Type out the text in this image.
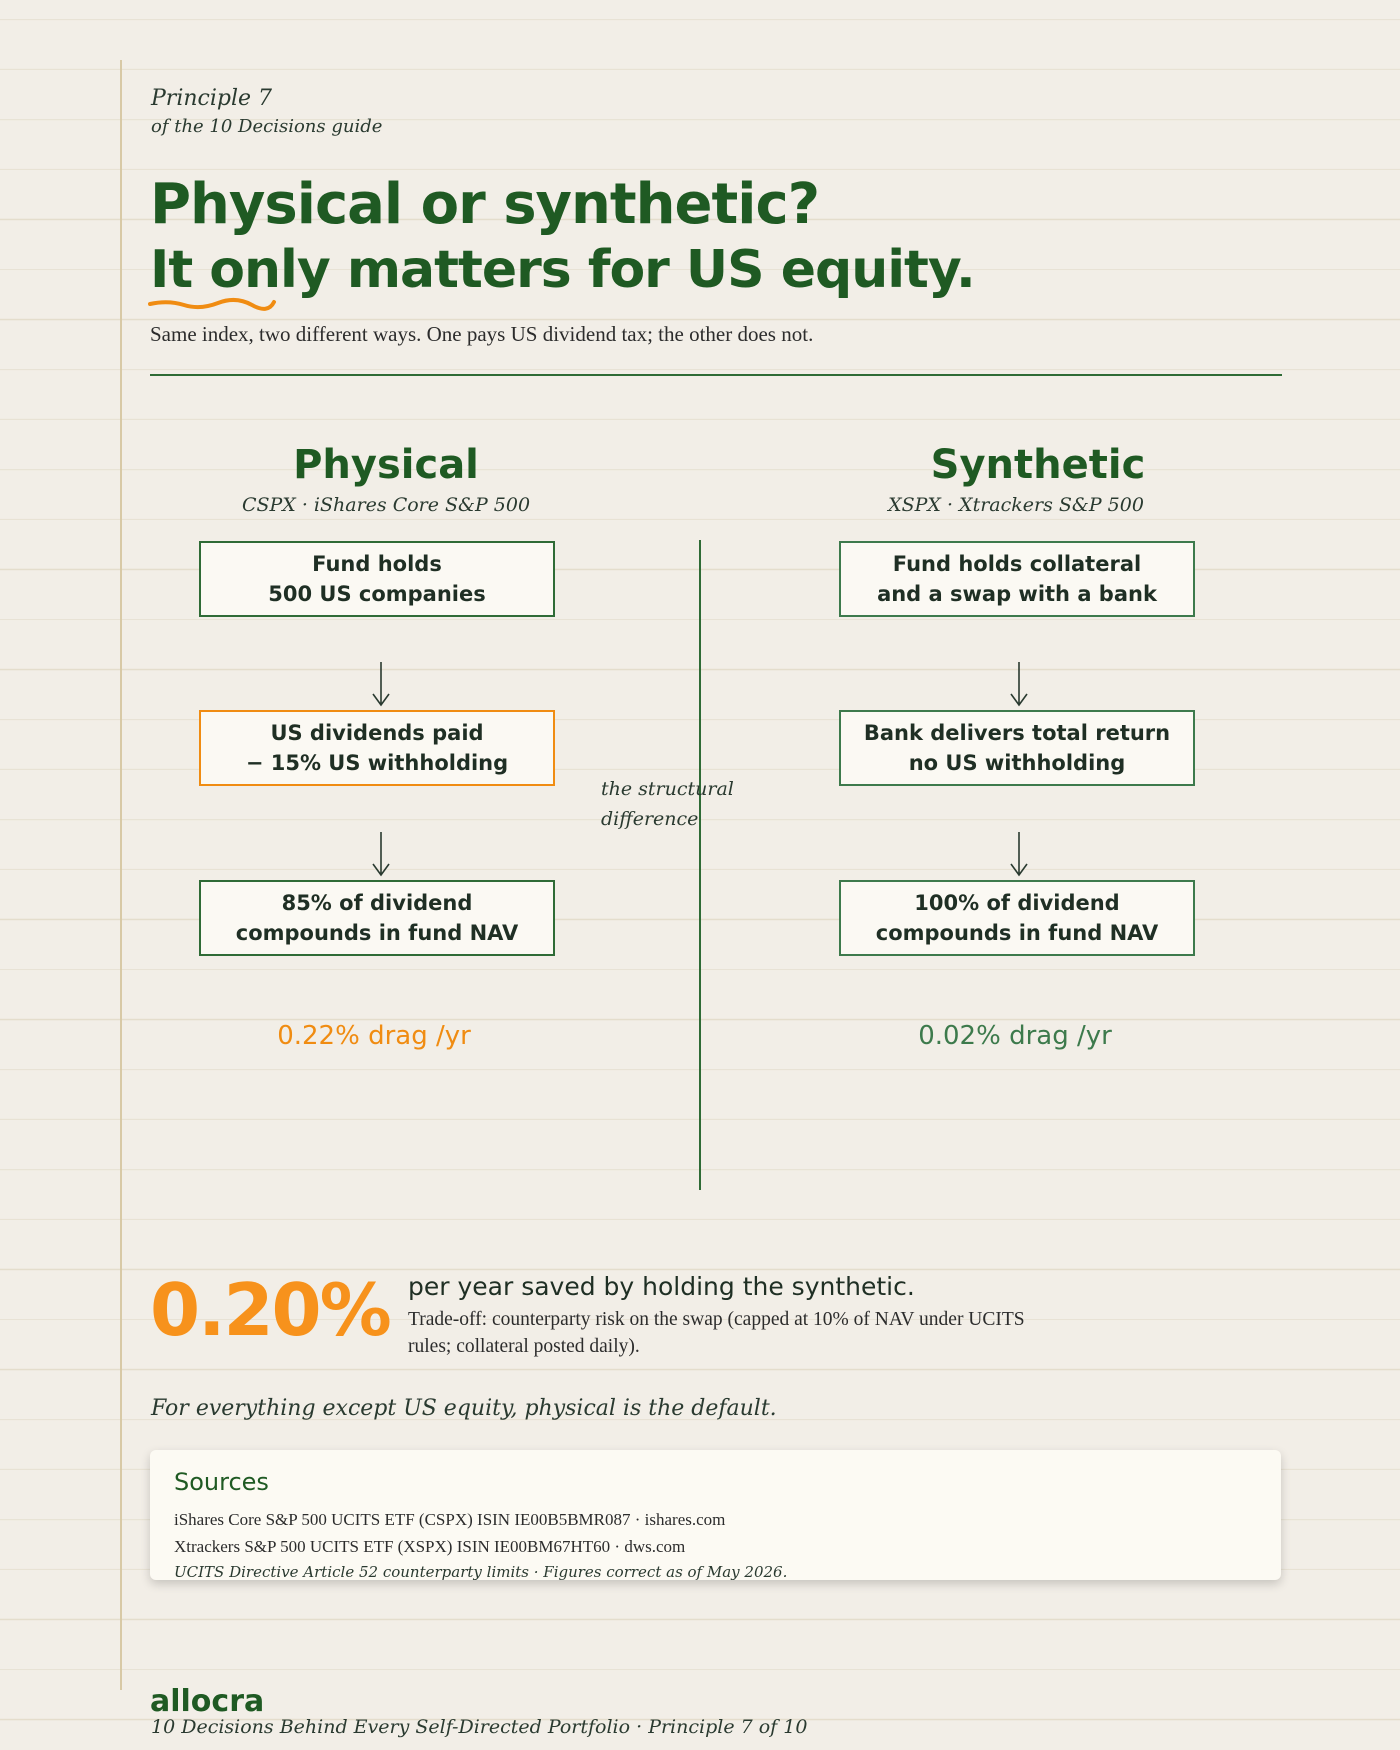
Principle 7
of the 10 Decisions guide
Physical or synthetic?
It only matters for US equity.
Same index, two different ways. One pays US dividend tax; the other does not.
Physical
CSPX · iShares Core S&P 500
Fund holds
500 US companies
US dividends paid
− 15% US withholding
85% of dividend
compounds in fund NAV
0.22% drag /yr
the structural difference
Synthetic
XSPX · Xtrackers S&P 500
Fund holds collateral
and a swap with a bank
Bank delivers total return
no US withholding
100% of dividend
compounds in fund NAV
0.02% drag /yr
0.20% per year saved by holding the synthetic.
Trade-off: counterparty risk on the swap (capped at 10% of NAV under UCITS rules; collateral posted daily).
For everything except US equity, physical is the default.
Sources
iShares Core S&P 500 UCITS ETF (CSPX) ISIN IE00B5BMR087 · ishares.com
Xtrackers S&P 500 UCITS ETF (XSPX) ISIN IE00BM67HT60 · dws.com
UCITS Directive Article 52 counterparty limits · Figures correct as of May 2026.
allocra
10 Decisions Behind Every Self-Directed Portfolio · Principle 7 of 10
